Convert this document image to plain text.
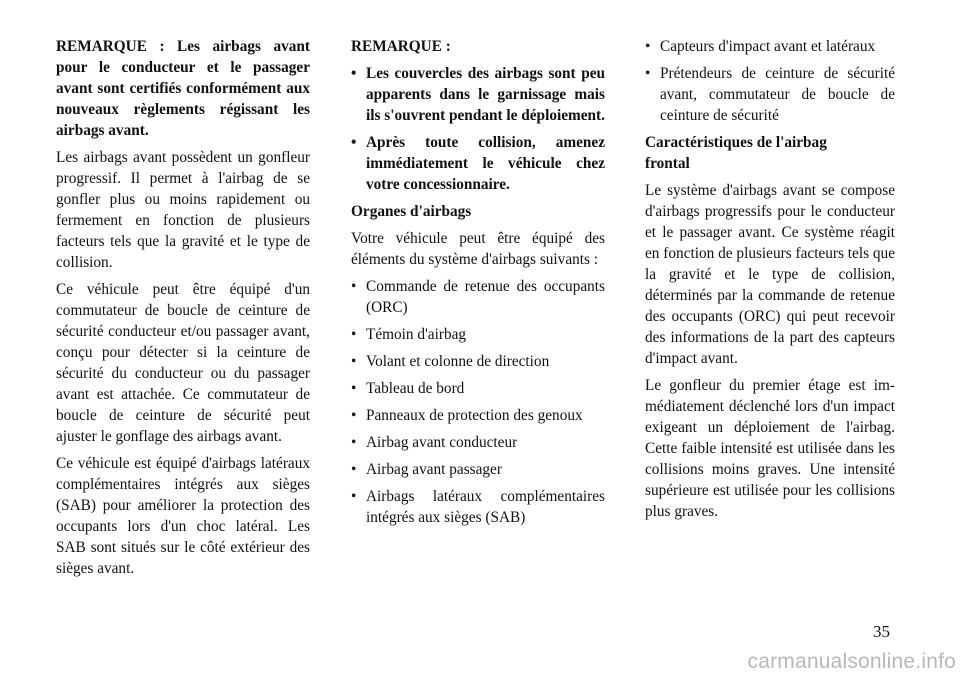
REMARQUE : Les airbags avant pour le conducteur et le passager avant sont certifiés conformément aux nouveaux règlements régissant les airbags avant.

Les airbags avant possèdent un gonfleur progressif. Il permet à l'airbag de se gonfler plus ou moins rapidement ou fermement en fonction de plusieurs facteurs tels que la gravité et le type de collision.

Ce véhicule peut être équipé d'un commutateur de boucle de ceinture de sécurité conducteur et/ou passager avant, conçu pour détecter si la ceinture de sécurité du conducteur ou du passager avant est attachée. Ce commutateur de boucle de ceinture de sécurité peut ajuster le gonflage des airbags avant.

Ce véhicule est équipé d'airbags latéraux complémentaires intégrés aux sièges (SAB) pour améliorer la protection des occupants lors d'un choc latéral. Les SAB sont situés sur le côté extérieur des sièges avant.

REMARQUE :

• Les couvercles des airbags sont peu apparents dans le garnissage mais ils s'ouvrent pendant le déploiement.
• Après toute collision, amenez immédiatement le véhicule chez votre concessionnaire.

Organes d'airbags

Votre véhicule peut être équipé des éléments du système d'airbags suivants :

• Commande de retenue des occupants (ORC)
• Témoin d'airbag
• Volant et colonne de direction
• Tableau de bord
• Panneaux de protection des genoux
• Airbag avant conducteur
• Airbag avant passager
• Airbags latéraux complémentaires intégrés aux sièges (SAB)
• Capteurs d'impact avant et latéraux
• Prétendeurs de ceinture de sécurité avant, commutateur de boucle de ceinture de sécurité
Caractéristiques de l'airbag
frontal

Le système d'airbags avant se compose d'airbags progressifs pour le conducteur et le passager avant. Ce système réagit en fonction de plusieurs facteurs tels que la gravité et le type de collision, déterminés par la commande de retenue des occupants (ORC) qui peut recevoir des informations de la part des capteurs d'impact avant.

Le gonfleur du premier étage est immédiatement déclenché lors d'un impact exigeant un déploiement de l'airbag. Cette faible intensité est utilisée dans les collisions moins graves. Une intensité supérieure est utilisée pour les collisions plus graves.

35
carmanualsonline.info
